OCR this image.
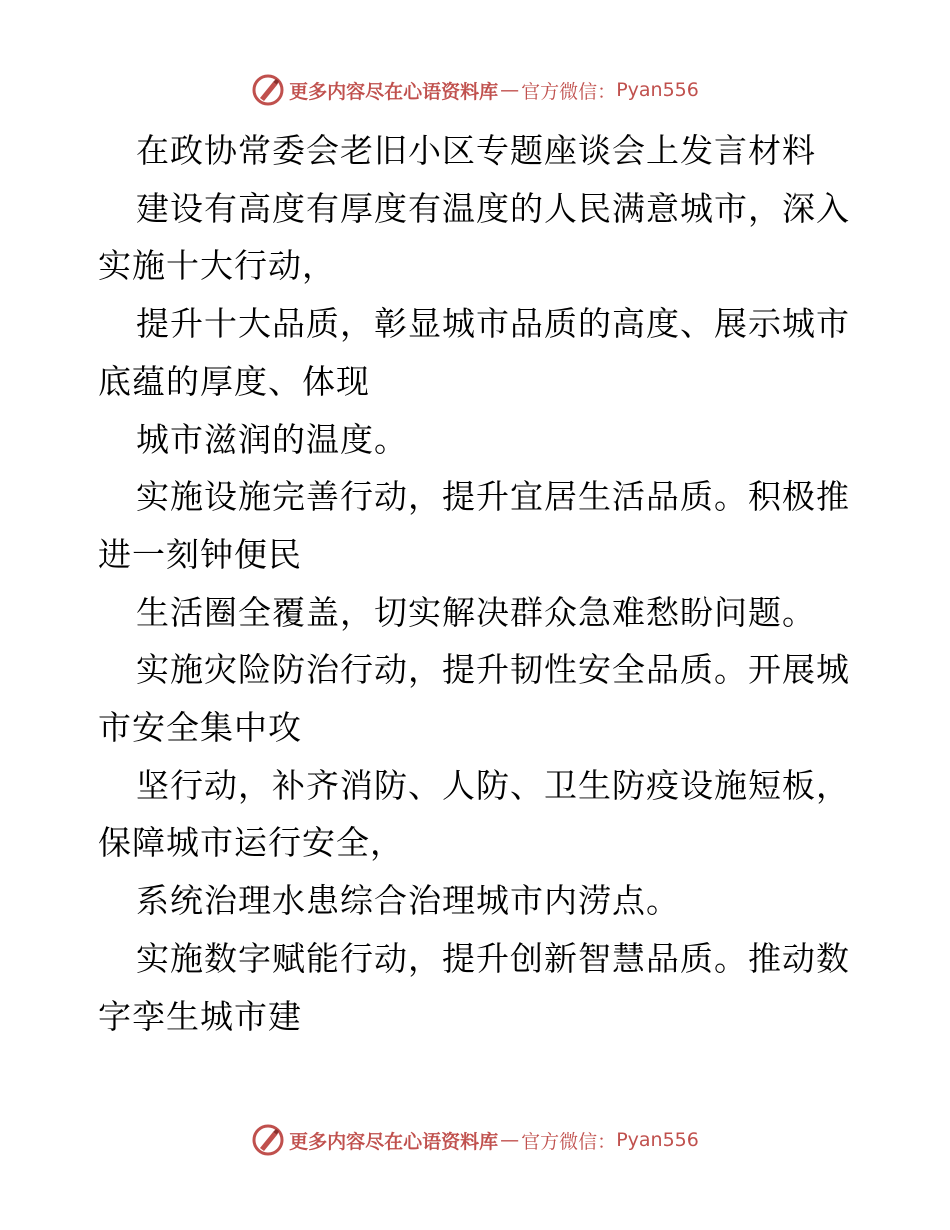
更多内容尽在心语资料库 — 官方微信： Pyan556

在政协常委会老旧小区专题座谈会上发言材料

建设有高度有厚度有温度的人民满意城市，深入实施十大行动，

提升十大品质，彰显城市品质的高度、展示城市底蕴的厚度、体现

城市滋润的温度。

实施设施完善行动，提升宜居生活品质。积极推进一刻钟便民

生活圈全覆盖，切实解决群众急难愁盼问题。

实施灾险防治行动，提升韧性安全品质。开展城市安全集中攻

坚行动，补齐消防、人防、卫生防疫设施短板，保障城市运行安全，

系统治理水患综合治理城市内涝点。

实施数字赋能行动，提升创新智慧品质。推动数字孪生城市建

更多内容尽在心语资料库 — 官方微信： Pyan556
